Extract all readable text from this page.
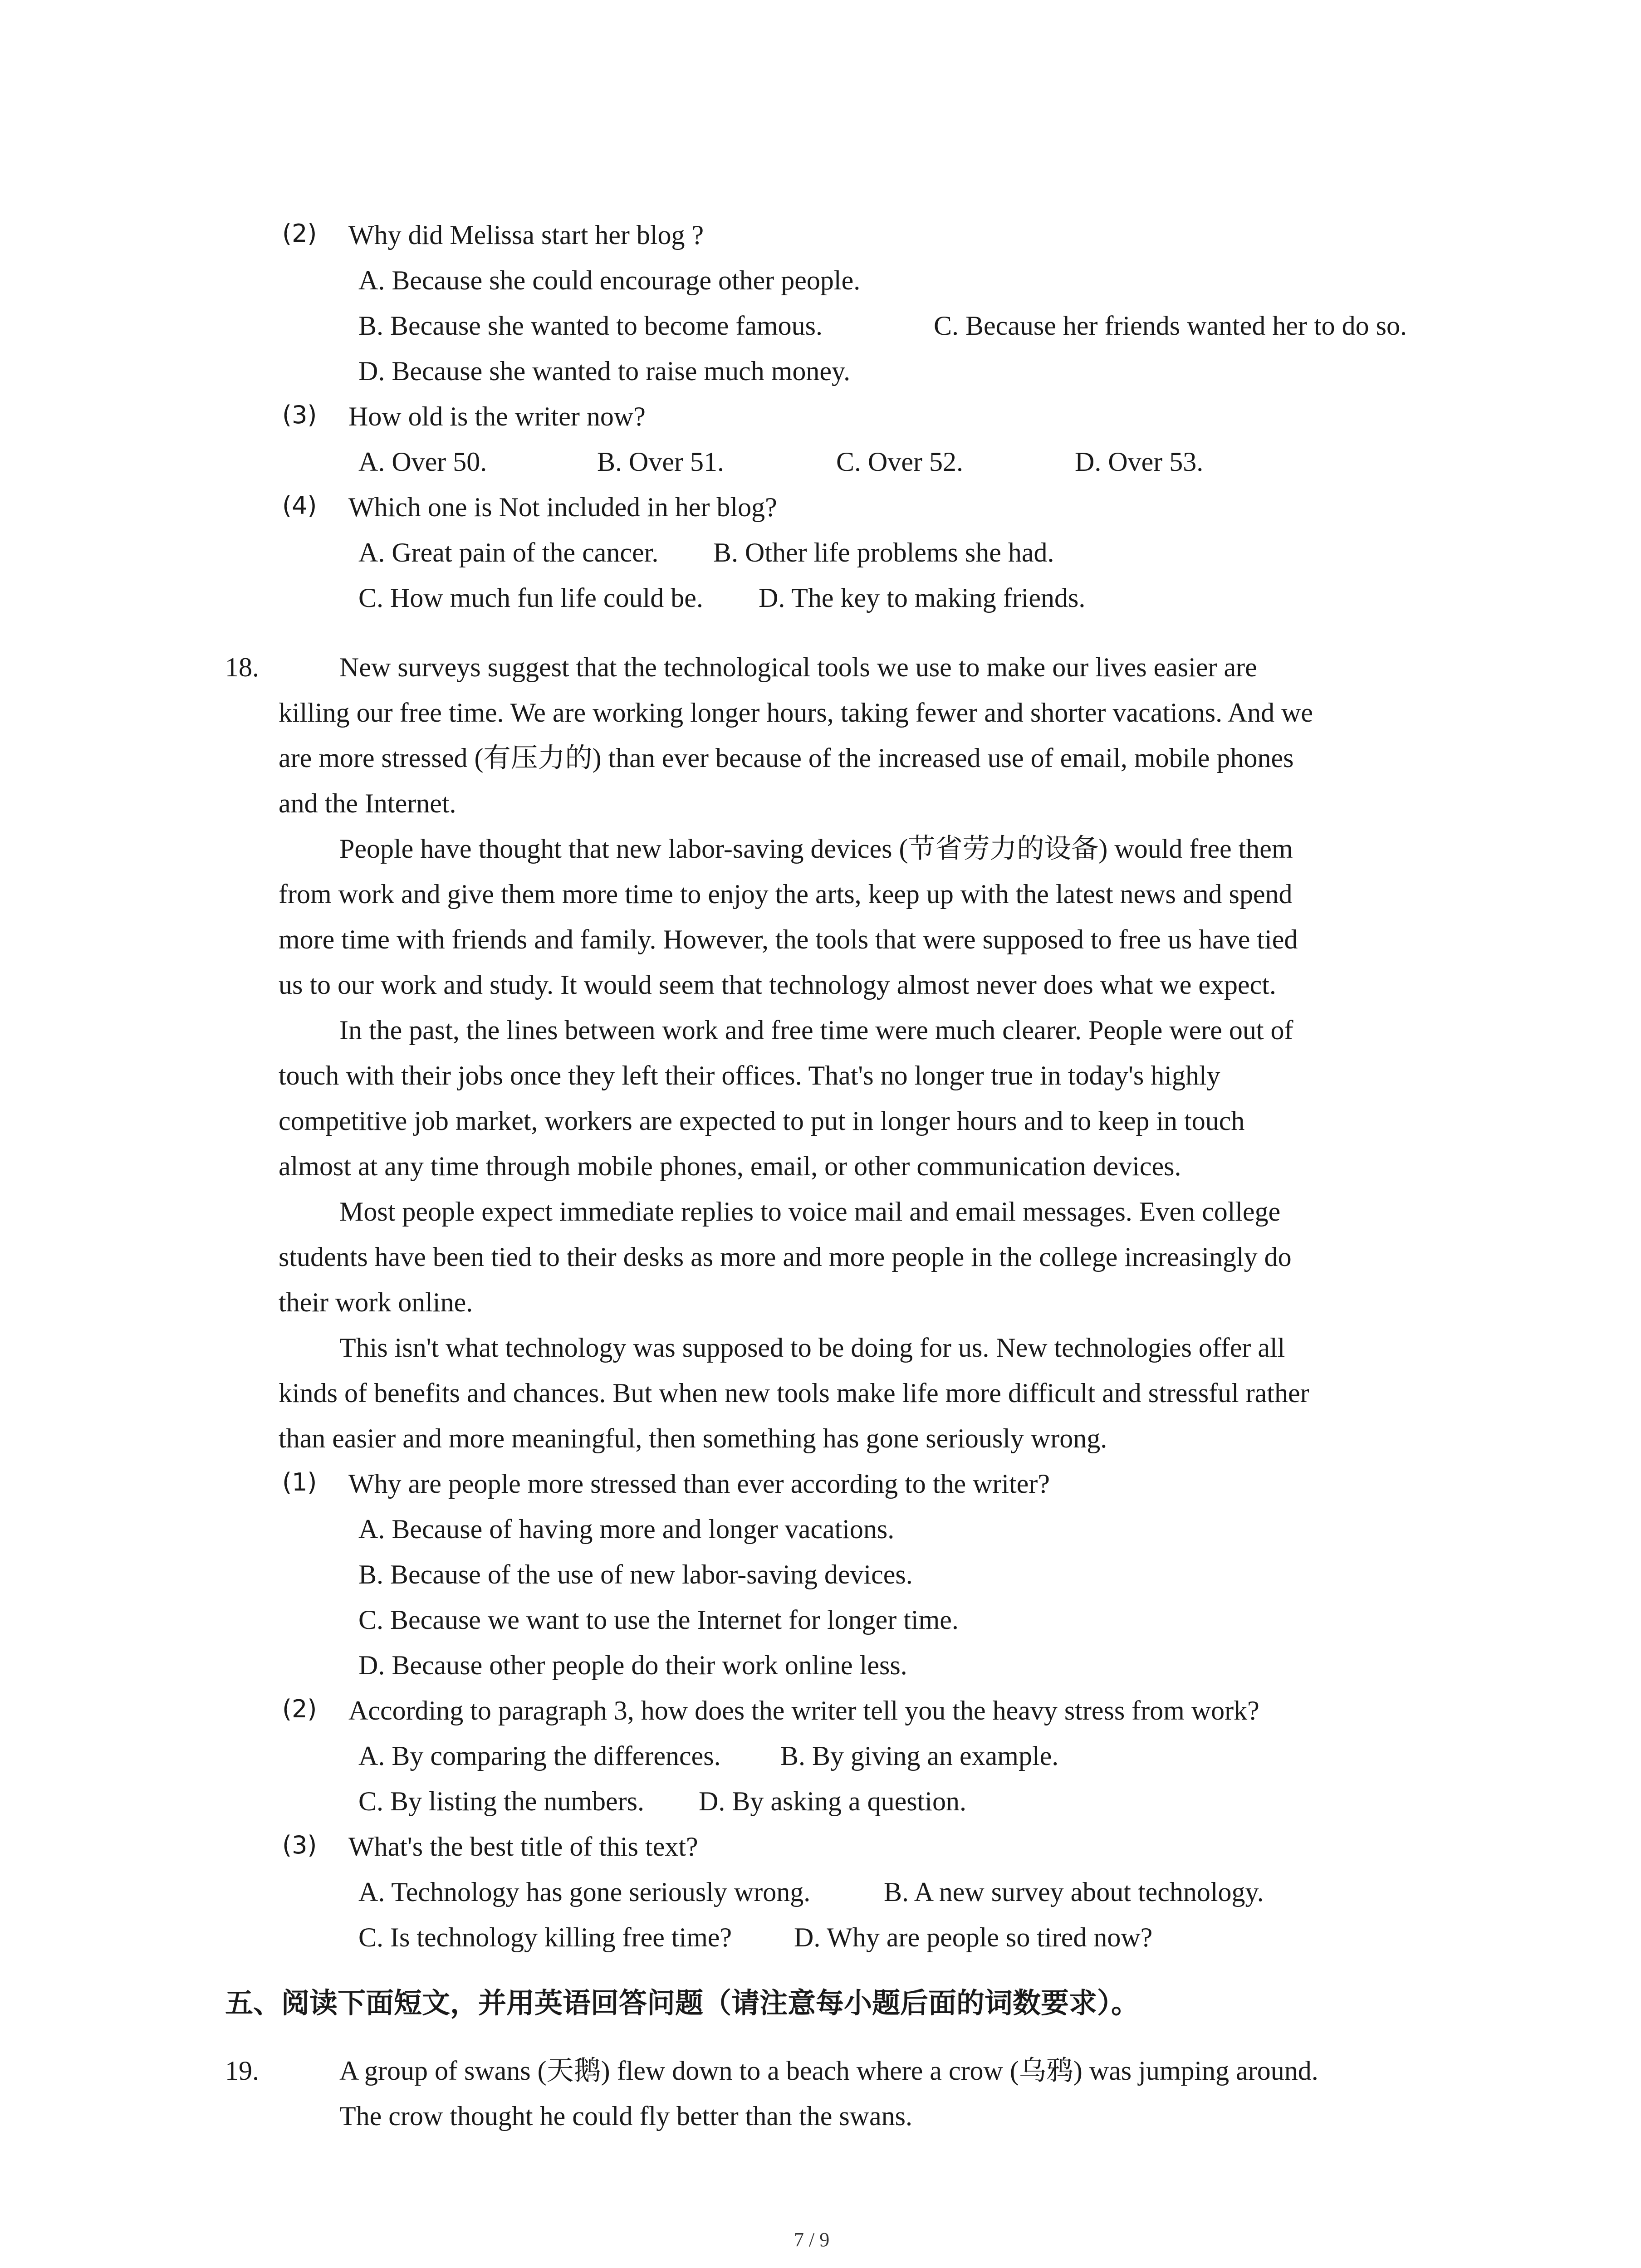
(2) Why did Melissa start her blog ?
A. Because she could encourage other people.
B. Because she wanted to become famous.	C. Because her friends wanted her to do so.
D. Because she wanted to raise much money.
(3) How old is the writer now?
A. Over 50.	B. Over 51.	C. Over 52.	D. Over 53.
(4) Which one is Not included in her blog?
A. Great pain of the cancer. B. Other life problems she had.
C. How much fun life could be. D. The key to making friends.
18.	New surveys suggest that the technological tools we use to make our lives easier are
killing our free time. We are working longer hours, taking fewer and shorter vacations. And we
are more stressed (有压力的) than ever because of the increased use of email, mobile phones
and the Internet.
People have thought that new labor-saving devices (节省劳力的设备) would free them
from work and give them more time to enjoy the arts, keep up with the latest news and spend
more time with friends and family. However, the tools that were supposed to free us have tied
us to our work and study. It would seem that technology almost never does what we expect.
In the past, the lines between work and free time were much clearer. People were out of
touch with their jobs once they left their offices. That's no longer true in today's highly
competitive job market, workers are expected to put in longer hours and to keep in touch
almost at any time through mobile phones, email, or other communication devices.
Most people expect immediate replies to voice mail and email messages. Even college
students have been tied to their desks as more and more people in the college increasingly do
their work online.
This isn't what technology was supposed to be doing for us. New technologies offer all
kinds of benefits and chances. But when new tools make life more difficult and stressful rather
than easier and more meaningful, then something has gone seriously wrong.
(1) Why are people more stressed than ever according to the writer?
A. Because of having more and longer vacations.
B. Because of the use of new labor-saving devices.
C. Because we want to use the Internet for longer time.
D. Because other people do their work online less.
(2) According to paragraph 3, how does the writer tell you the heavy stress from work?
A. By comparing the differences. B. By giving an example.
C. By listing the numbers. D. By asking a question.
(3) What's the best title of this text?
A. Technology has gone seriously wrong.	B. A new survey about technology.
C. Is technology killing free time? D. Why are people so tired now?
五、阅读下面短文，并用英语回答问题（请注意每小题后面的词数要求）。
19.	A group of swans (天鹅) flew down to a beach where a crow (乌鸦) was jumping around.
The crow thought he could fly better than the swans.
7 / 9
